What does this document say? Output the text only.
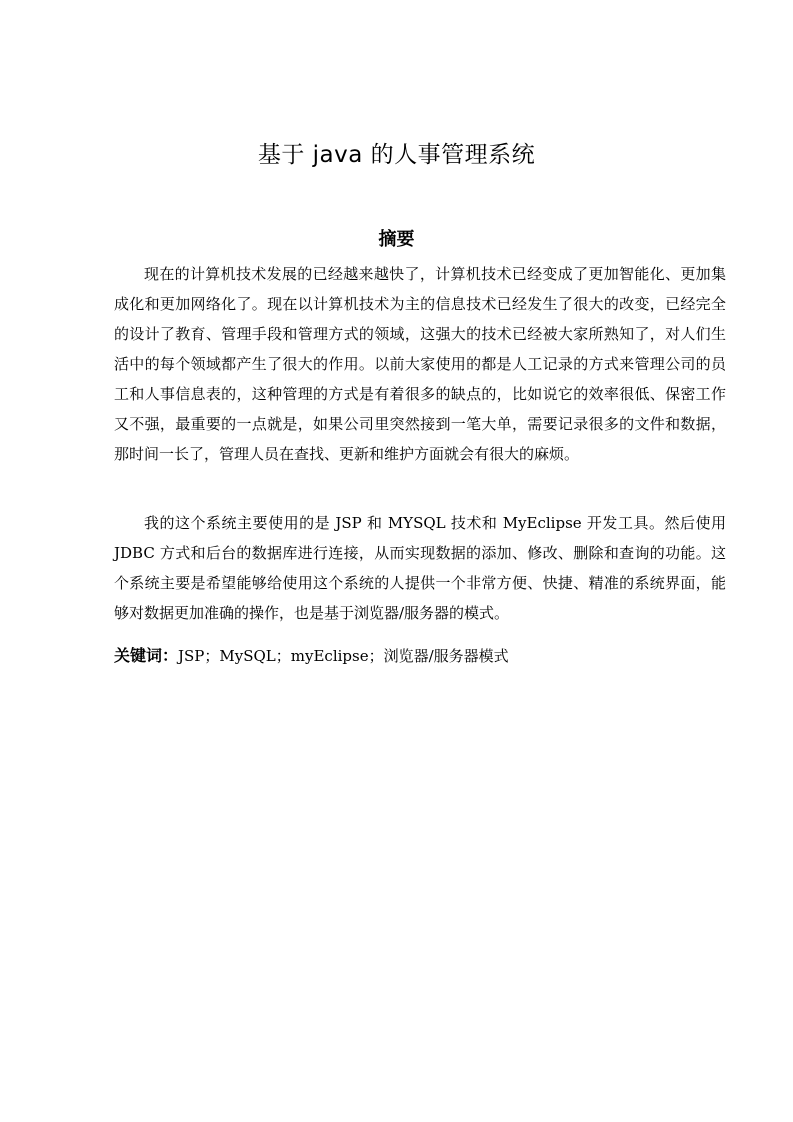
基于 java 的人事管理系统
摘要

现在的计算机技术发展的已经越来越快了，计算机技术已经变成了更加智能化、更加集成化和更加网络化了。现在以计算机技术为主的信息技术已经发生了很大的改变，已经完全的设计了教育、管理手段和管理方式的领域，这强大的技术已经被大家所熟知了，对人们生活中的每个领域都产生了很大的作用。以前大家使用的都是人工记录的方式来管理公司的员工和人事信息表的，这种管理的方式是有着很多的缺点的，比如说它的效率很低、保密工作又不强，最重要的一点就是，如果公司里突然接到一笔大单，需要记录很多的文件和数据，那时间一长了，管理人员在查找、更新和维护方面就会有很大的麻烦。

我的这个系统主要使用的是 JSP 和 MYSQL 技术和 MyEclipse 开发工具。然后使用 JDBC 方式和后台的数据库进行连接，从而实现数据的添加、修改、删除和查询的功能。这个系统主要是希望能够给使用这个系统的人提供一个非常方便、快捷、精准的系统界面，能够对数据更加准确的操作，也是基于浏览器/服务器的模式。

关键词：JSP；MySQL；myEclipse；浏览器/服务器模式
